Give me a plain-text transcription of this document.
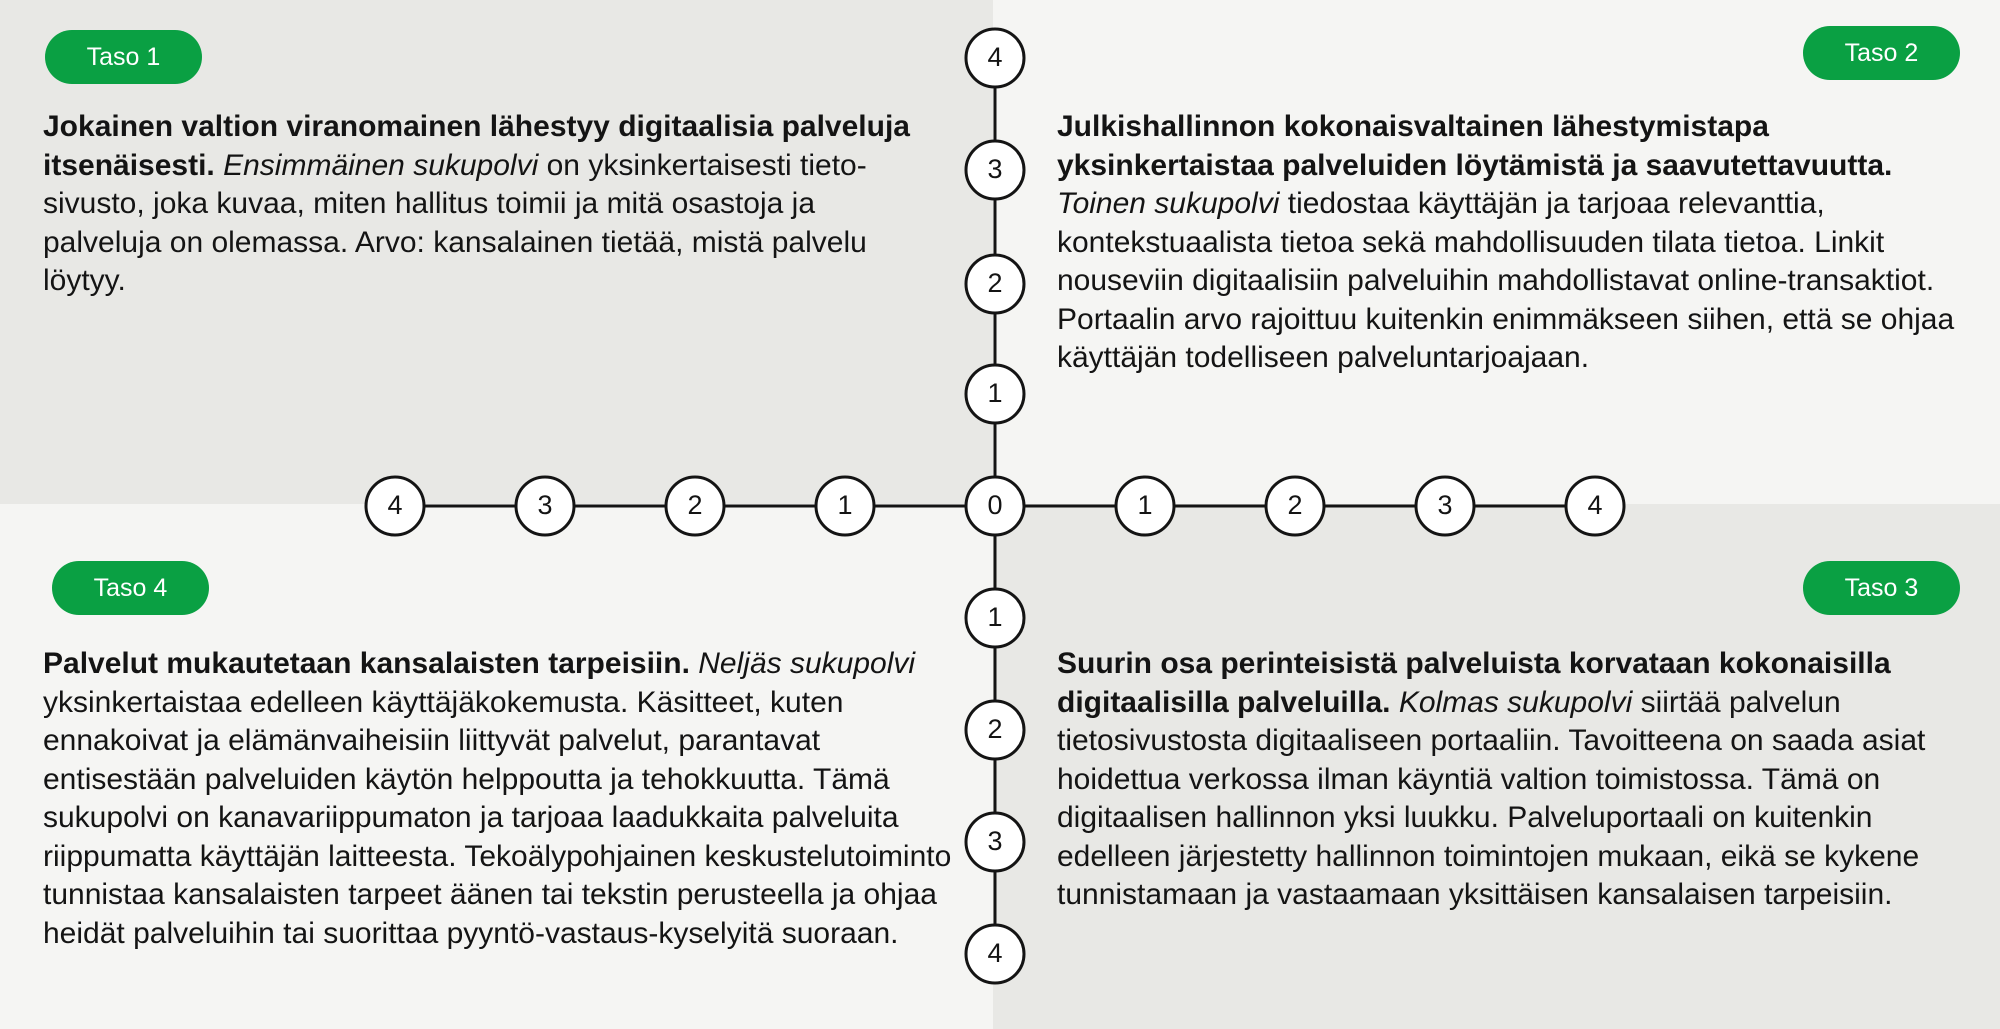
Taso 1	Taso 2
Taso 3
Taso 4

Jokainen valtion viranomainen lähestyy digitaalisia palveluja itsenäisesti. Ensimmäinen sukupolvi on yksinkertaisesti tieto-sivusto, joka kuvaa, miten hallitus toimii ja mitä osastoja ja palveluja on olemassa. Arvo: kansalainen tietää, mistä palvelu löytyy.

Julkishallinnon kokonaisvaltainen lähestymistapa yksinkertaistaa palveluiden löytämistä ja saavutettavuutta. Toinen sukupolvi tiedostaa käyttäjän ja tarjoaa relevanttia, kontekstuaalista tietoa sekä mahdollisuuden tilata tietoa. Linkit nouseviin digitaalisiin palveluihin mahdollistavat online-transaktiot. Portaalin arvo rajoittuu kuitenkin enimmäkseen siihen, että se ohjaa käyttäjän todelliseen palveluntarjoajaan.

Suurin osa perinteisistä palveluista korvataan kokonaisilla digitaalisilla palveluilla. Kolmas sukupolvi siirtää palvelun tietosivustosta digitaaliseen portaaliin. Tavoitteena on saada asiat hoidettua verkossa ilman käyntiä valtion toimistossa. Tämä on digitaalisen hallinnon yksi luukku. Palveluportaali on kuitenkin edelleen järjestetty hallinnon toimintojen mukaan, eikä se kykene tunnistamaan ja vastaamaan yksittäisen kansalaisen tarpeisiin.

Palvelut mukautetaan kansalaisten tarpeisiin. Neljäs sukupolvi yksinkertaistaa edelleen käyttäjäkokemusta. Käsitteet, kuten ennakoivat ja elämänvaiheisiin liittyvät palvelut, parantavat entisestään palveluiden käytön helppoutta ja tehokkuutta. Tämä sukupolvi on kanavariippumaton ja tarjoaa laadukkaita palveluita riippumatta käyttäjän laitteesta. Tekoälypohjainen keskustelutoiminto tunnistaa kansalaisten tarpeet äänen tai tekstin perusteella ja ohjaa heidät palveluihin tai suorittaa pyyntö-vastaus-kyselyitä suoraan.

1
2
3
4	1	2	3	4
1
2
3
4
1
2
3
4
0
